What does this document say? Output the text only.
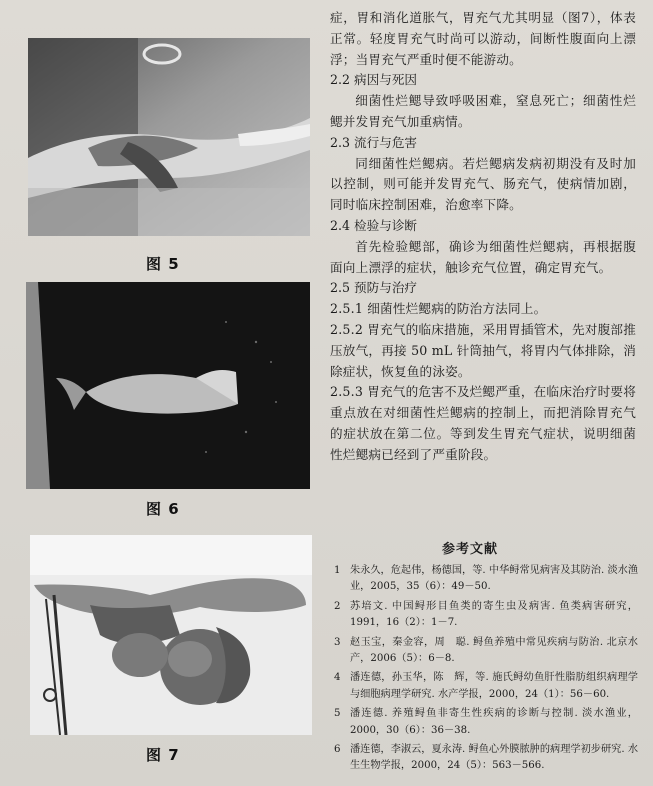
图 5
图 6
图 7

症，胃和消化道胀气，胃充气尤其明显（图7），体表正常。轻度胃充气时尚可以游动，间断性腹面向上漂浮；当胃充气严重时便不能游动。

2.2 病因与死因

细菌性烂鳃导致呼吸困难，窒息死亡；细菌性烂鳃并发胃充气加重病情。

2.3 流行与危害

同细菌性烂鳃病。若烂鳃病发病初期没有及时加以控制，则可能并发胃充气、肠充气，使病情加剧，同时临床控制困难，治愈率下降。

2.4 检验与诊断

首先检验鳃部，确诊为细菌性烂鳃病，再根据腹面向上漂浮的症状，触诊充气位置，确定胃充气。

2.5 预防与治疗

2.5.1 细菌性烂鳃病的防治方法同上。

2.5.2 胃充气的临床措施，采用胃插管术，先对腹部推压放气，再接 50 mL 针筒抽气，将胃内气体排除，消除症状，恢复鱼的泳姿。

2.5.3 胃充气的危害不及烂鳃严重，在临床治疗时要将重点放在对细菌性烂鳃病的控制上，而把消除胃充气的症状放在第二位。等到发生胃充气症状，说明细菌性烂鳃病已经到了严重阶段。

参考文献

1 朱永久，危起伟，杨德国，等. 中华鲟常见病害及其防治. 淡水渔业，2005，35（6）：49－50.

2 苏培文. 中国鲟形目鱼类的寄生虫及病害. 鱼类病害研究，1991，16（2）：1－7.

3 赵玉宝，秦金容，周　聪. 鲟鱼养殖中常见疾病与防治. 北京水产，2006（5）：6－8.

4 潘连德，孙玉华，陈　辉，等. 施氏鲟幼鱼肝性脂肪组织病理学与细胞病理学研究. 水产学报，2000，24（1）：56－60.

5 潘连德. 养殖鲟鱼非寄生性疾病的诊断与控制. 淡水渔业，2000，30（6）：36－38.

6 潘连德，李淑云，夏永涛. 鲟鱼心外膜脓肿的病理学初步研究. 水生生物学报，2000，24（5）：563－566.
